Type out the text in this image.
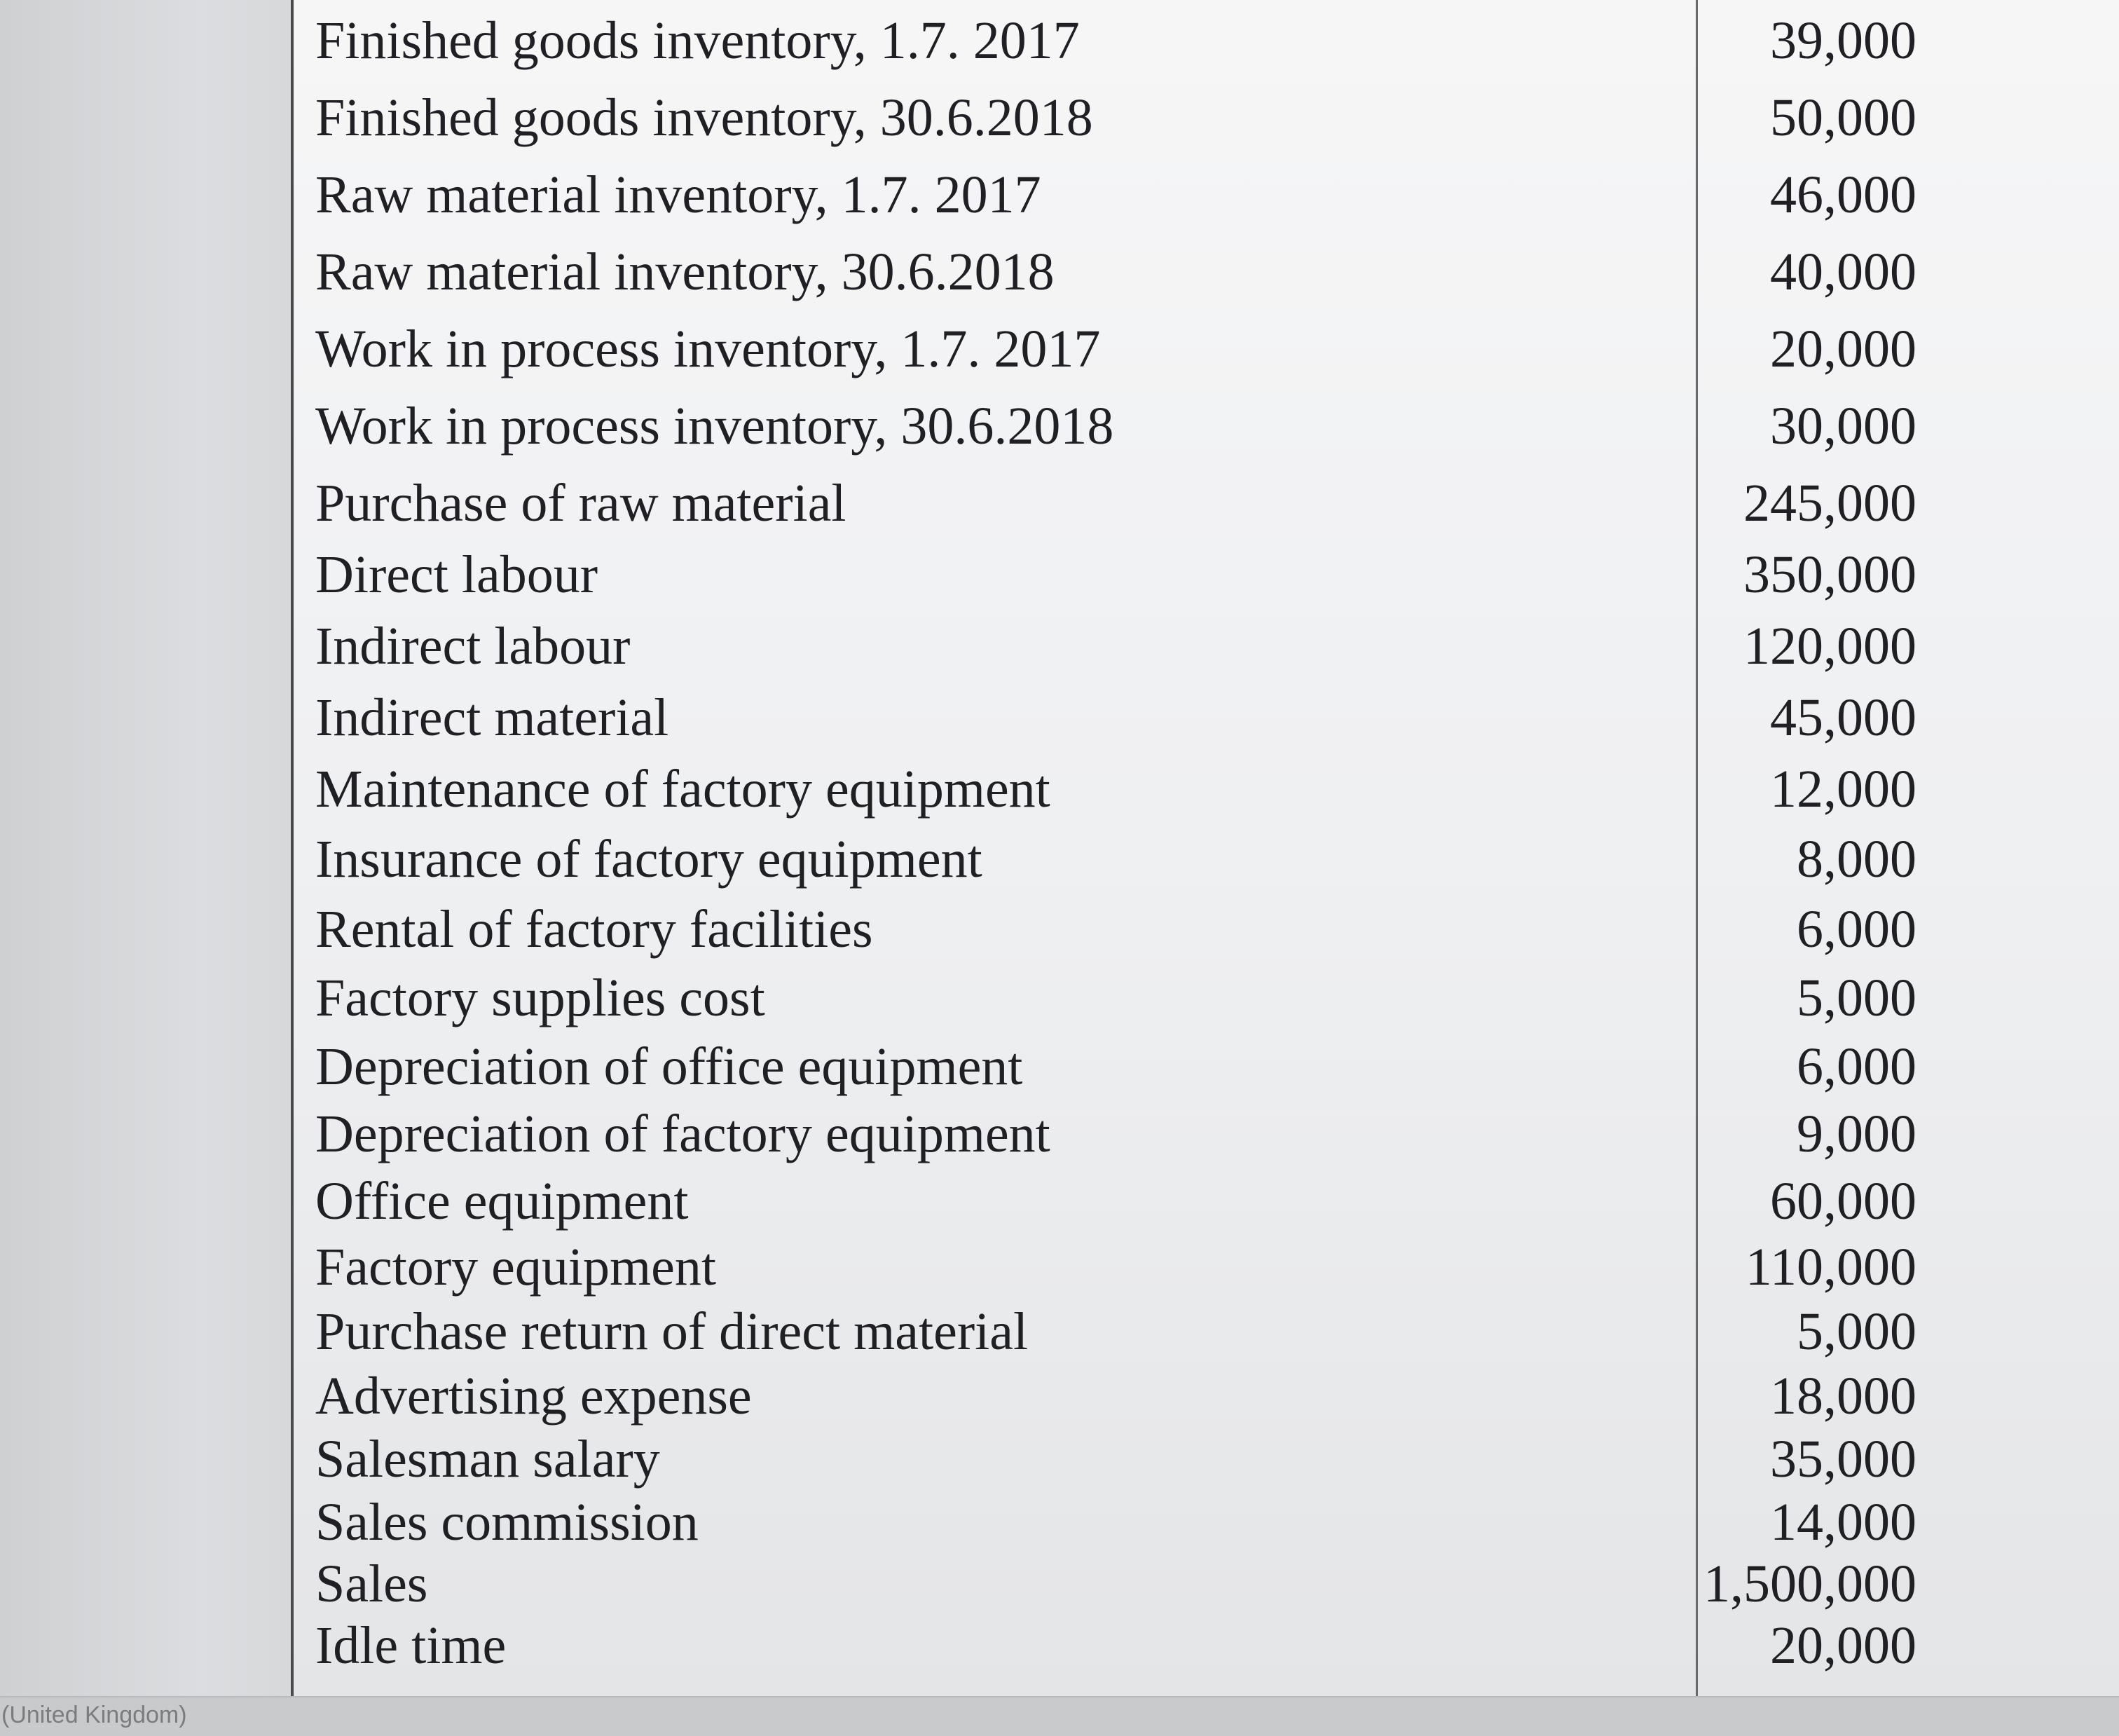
Finished goods inventory, 1.7. 2017	39,000
Finished goods inventory, 30.6.2018	50,000
Raw material inventory, 1.7. 2017	46,000
Raw material inventory, 30.6.2018	40,000
Work in process inventory, 1.7. 2017	20,000
Work in process inventory, 30.6.2018	30,000
Purchase of raw material	245,000
Direct labour	350,000
Indirect labour	120,000
Indirect material	45,000
Maintenance of factory equipment	12,000
Insurance of factory equipment	8,000
Rental of factory facilities	6,000
Factory supplies cost	5,000
Depreciation of office equipment	6,000
Depreciation of factory equipment	9,000
Office equipment	60,000
Factory equipment	110,000
Purchase return of direct material	5,000
Advertising expense	18,000
Salesman salary	35,000
Sales commission	14,000
Sales	1,500,000
Idle time	20,000
(United Kingdom)
